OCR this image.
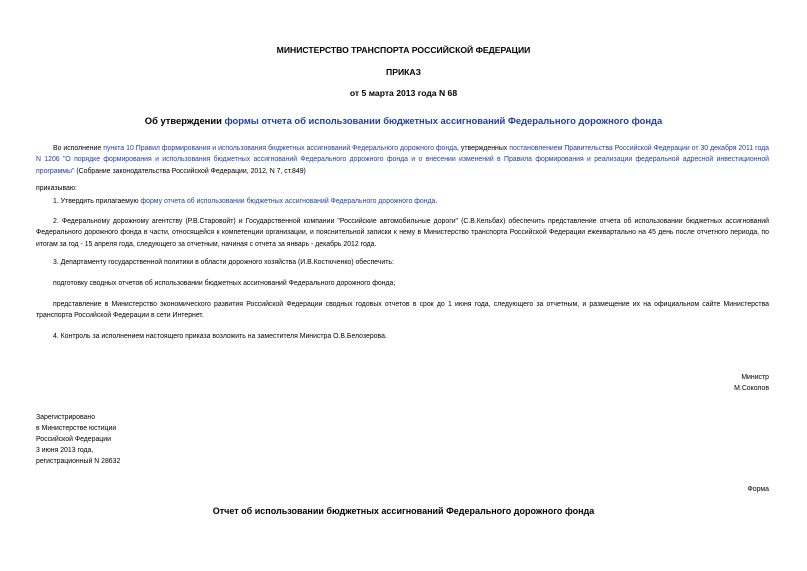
МИНИСТЕРСТВО ТРАНСПОРТА РОССИЙСКОЙ ФЕДЕРАЦИИ
ПРИКАЗ
от 5 марта 2013 года N 68
Об утверждении формы отчета об использовании бюджетных ассигнований Федерального дорожного фонда
Во исполнение пункта 10 Правил формирования и использования бюджетных ассигнований Федерального дорожного фонда, утвержденных постановлением Правительства Российской Федерации от 30 декабря 2011 года N 1206 "О порядке формирования и использования бюджетных ассигнований Федерального дорожного фонда и о внесении изменений в Правила формирования и реализации федеральной адресной инвестиционной программы" (Собрание законодательства Российской Федерации, 2012, N 7, ст.849)
приказываю:
1. Утвердить прилагаемую форму отчета об использовании бюджетных ассигнований Федерального дорожного фонда.
2. Федеральному дорожному агентству (Р.В.Старовойт) и Государственной компании "Российские автомобильные дороги" (С.В.Кельбах) обеспечить представление отчета об использовании бюджетных ассигнований Федерального дорожного фонда в части, относящейся к компетенции организации, и пояснительной записки к нему в Министерство транспорта Российской Федерации ежеквартально на 45 день после отчетного периода, по итогам за год - 15 апреля года, следующего за отчетным, начиная с отчета за январь - декабрь 2012 года.
3. Департаменту государственной политики в области дорожного хозяйства (И.В.Костюченко) обеспечить:
подготовку сводных отчетов об использовании бюджетных ассигнований Федерального дорожного фонда;
представление в Министерство экономического развития Российской Федерации сводных годовых отчетов в срок до 1 июня года, следующего за отчетным, и размещение их на официальном сайте Министерства транспорта Российской Федерации в сети Интернет.
4. Контроль за исполнением настоящего приказа возложить на заместителя Министра О.В.Белозерова.
Министр
М.Соколов
Зарегистрировано
в Министерстве юстиции
Российской Федерации
3 июня 2013 года,
регистрационный N 28632
Форма
Отчет об использовании бюджетных ассигнований Федерального дорожного фонда
